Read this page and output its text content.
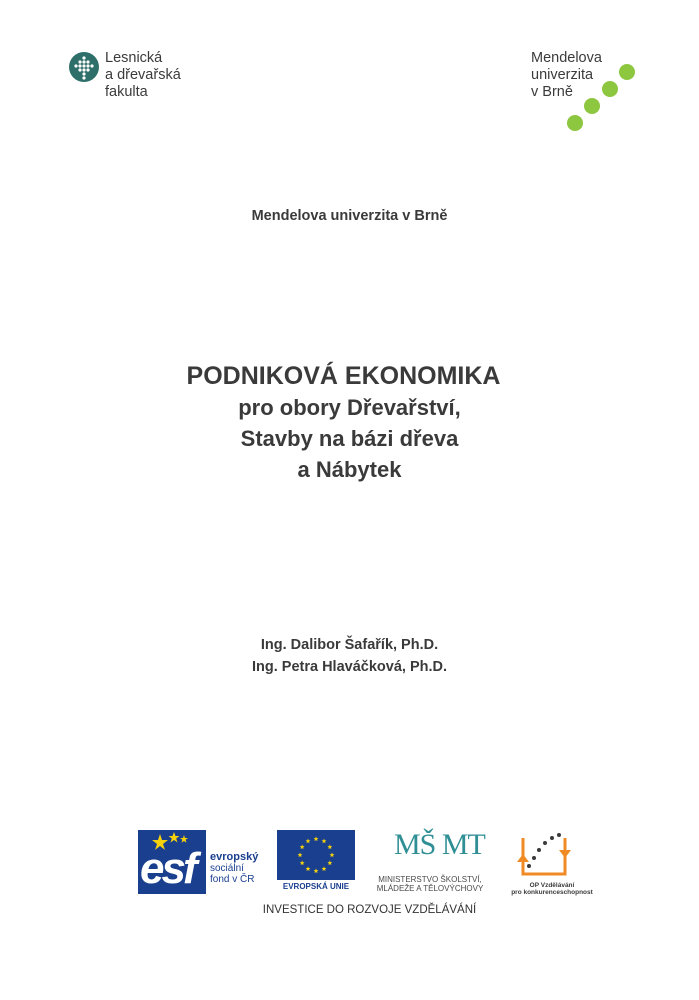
Lesnická
a dřevařská
fakulta
Mendelova
univerzita
v Brně
Mendelova univerzita v Brně
PODNIKOVÁ EKONOMIKA
pro obory Dřevařství,
Stavby na bázi dřeva
a Nábytek
Ing. Dalibor Šafařík, Ph.D.
Ing. Petra Hlaváčková, Ph.D.
esf evropský
sociální
fond v ČR
EVROPSKÁ UNIE
MŠ MT
MINISTERSTVO ŠKOLSTVÍ,
MLÁDEŽE A TĚLOVÝCHOVY	OP Vzdělávání
pro konkurenceschopnost
INVESTICE DO ROZVOJE VZDĚLÁVÁNÍ
